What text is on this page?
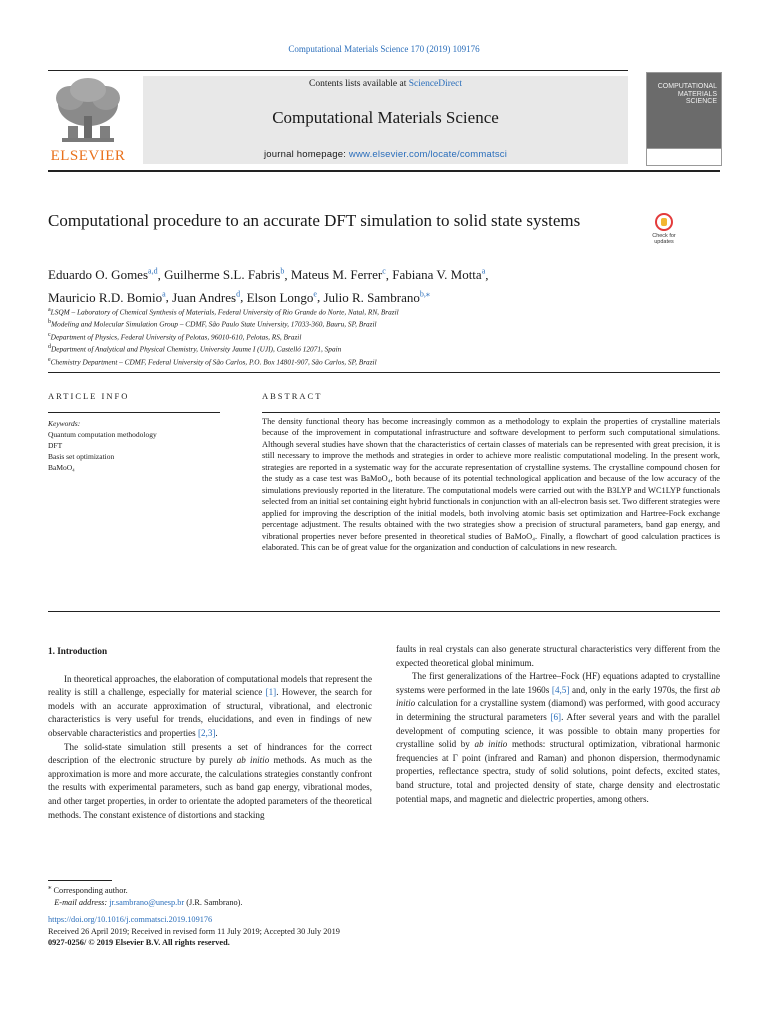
Computational Materials Science 170 (2019) 109176
ELSEVIER
Contents lists available at ScienceDirect
Computational Materials Science
journal homepage: www.elsevier.com/locate/commatsci
COMPUTATIONAL
MATERIALS
SCIENCE
Computational procedure to an accurate DFT simulation to solid state systems
Check for
updates
Eduardo O. Gomes$^{a,d}$, Guilherme S.L. Fabris$^b$, Mateus M. Ferrer$^c$, Fabiana V. Motta$^a$,
Mauricio R.D. Bomio$^a$, Juan Andres$^d$, Elson Longo$^e$, Julio R. Sambrano$^{b,⁎}$
$^a$LSQM – Laboratory of Chemical Synthesis of Materials, Federal University of Rio Grande do Norte, Natal, RN, Brazil
$^b$Modeling and Molecular Simulation Group – CDMF, São Paulo State University, 17033-360, Bauru, SP, Brazil
$^c$Department of Physics, Federal University of Pelotas, 96010-610, Pelotas, RS, Brazil
$^d$Department of Analytical and Physical Chemistry, University Jaume I (UJI), Castelló 12071, Spain
$^e$Chemistry Department – CDMF, Federal University of São Carlos, P.O. Box 14801-907, São Carlos, SP, Brazil
ARTICLE INFO	ABSTRACT
Keywords:
Quantum computation methodology
DFT
Basis set optimization
BaMoO₄
The density functional theory has become increasingly common as a methodology to explain the properties of crystalline materials because of the improvement in computational infrastructure and software development to perform such computational simulations. Although several studies have shown that the characteristics of certain classes of materials can be represented with great precision, it is still necessary to improve the methods and strategies in order to achieve more realistic computational modeling. In the present work, strategies are reported in a systematic way for the accurate representation of crystalline systems. The crystalline compound chosen for the study as a case test was BaMoO₄, both because of its potential technological application and because of the low accuracy of the simulations previously reported in the literature. The computational models were carried out with the B3LYP and WC1LYP functionals selected from an initial set containing eight hybrid functionals in conjunction with an all-electron basis set. Two different strategies were applied for improving the description of the initial models, both involving atomic basis set optimization and Hartree-Fock exchange percentage adjustment. The results obtained with the two strategies show a precision of structural parameters, band gap energy, and vibrational properties never before presented in theoretical studies of BaMoO₄. Finally, a flowchart of good calculation practices is elaborated. This can be of great value for the organization and conduction of calculations in new research.
1. Introduction

In theoretical approaches, the elaboration of computational models that represent the reality is still a challenge, especially for material science [1]. However, the search for models with an accurate approximation of structural, vibrational, and electronic characteristics is very useful for trends, elucidations, and even in findings of new observable characteristics and properties [2,3].

The solid-state simulation still presents a set of hindrances for the correct description of the electronic structure by purely ab initio methods. As much as the approximation is more and more accurate, the calculations strategies constantly confront the results with experimental parameters, such as band gap energy, vibrational modes, and other target properties, in order to orientate the adopted parameters of the theoretical methods. The constant existence of distortions and stacking

faults in real crystals can also generate structural characteristics very different from the expected theoretical global minimum.

The first generalizations of the Hartree–Fock (HF) equations adapted to crystalline systems were performed in the late 1960s [4,5] and, only in the early 1970s, the first ab initio calculation for a crystalline system (diamond) was performed, with good accuracy in determining the structural parameters [6]. After several years and with the parallel development of computing science, it was possible to obtain many properties for crystalline solid by ab initio methods: structural optimization, vibrational harmonic frequencies at Γ point (infrared and Raman) and phonon dispersion, thermodynamic properties, reflectance spectra, study of solid solutions, point defects, excited states, band structure, total and projected density of state, charge density and electrostatic potential maps, and magnetic and dielectric properties, among others.

⁎ Corresponding author.
E-mail address: jr.sambrano@unesp.br (J.R. Sambrano).
https://doi.org/10.1016/j.commatsci.2019.109176
Received 26 April 2019; Received in revised form 11 July 2019; Accepted 30 July 2019
0927-0256/ © 2019 Elsevier B.V. All rights reserved.
